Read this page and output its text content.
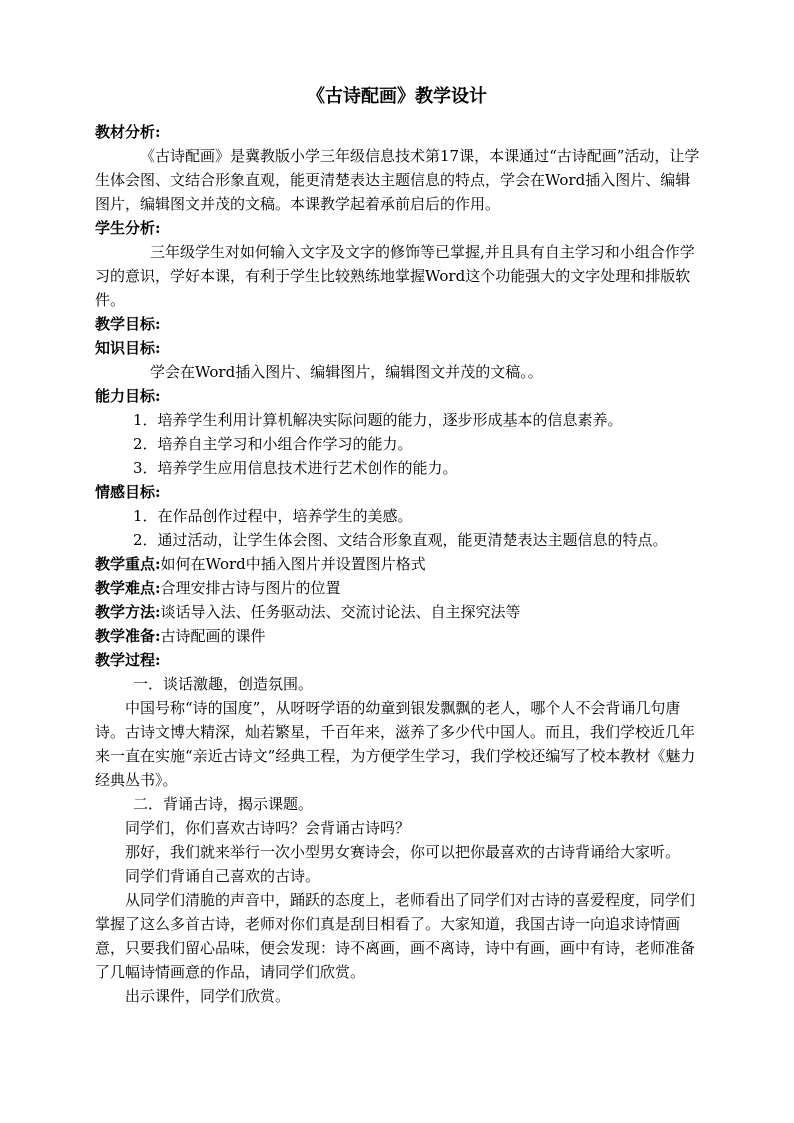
《古诗配画》教学设计

教材分析:

《古诗配画》是冀教版小学三年级信息技术第17课，本课通过“古诗配画”活动，让学生体会图、文结合形象直观，能更清楚表达主题信息的特点，学会在Word插入图片、编辑图片，编辑图文并茂的文稿。本课教学起着承前启后的作用。

学生分析:

三年级学生对如何输入文字及文字的修饰等已掌握,并且具有自主学习和小组合作学习的意识，学好本课，有利于学生比较熟练地掌握Word这个功能强大的文字处理和排版软件。

教学目标:

知识目标:

学会在Word插入图片、编辑图片，编辑图文并茂的文稿。。

能力目标:

1．培养学生利用计算机解决实际问题的能力，逐步形成基本的信息素养。

2．培养自主学习和小组合作学习的能力。

3．培养学生应用信息技术进行艺术创作的能力。

情感目标:

1．在作品创作过程中，培养学生的美感。

2．通过活动，让学生体会图、文结合形象直观，能更清楚表达主题信息的特点。

教学重点:如何在Word中插入图片并设置图片格式

教学难点:合理安排古诗与图片的位置

教学方法:谈话导入法、任务驱动法、交流讨论法、自主探究法等

教学准备:古诗配画的课件

教学过程:

一．谈话激趣，创造氛围。

中国号称“诗的国度”，从呀呀学语的幼童到银发飘飘的老人，哪个人不会背诵几句唐诗。古诗文博大精深，灿若繁星，千百年来，滋养了多少代中国人。而且，我们学校近几年来一直在实施“亲近古诗文”经典工程，为方便学生学习，我们学校还编写了校本教材《魅力经典丛书》。

二．背诵古诗，揭示课题。

同学们，你们喜欢古诗吗？会背诵古诗吗？

那好，我们就来举行一次小型男女赛诗会，你可以把你最喜欢的古诗背诵给大家听。

同学们背诵自己喜欢的古诗。

从同学们清脆的声音中，踊跃的态度上，老师看出了同学们对古诗的喜爱程度，同学们掌握了这么多首古诗，老师对你们真是刮目相看了。大家知道，我国古诗一向追求诗情画意，只要我们留心品味，便会发现：诗不离画，画不离诗，诗中有画，画中有诗，老师准备了几幅诗情画意的作品，请同学们欣赏。

出示课件，同学们欣赏。
